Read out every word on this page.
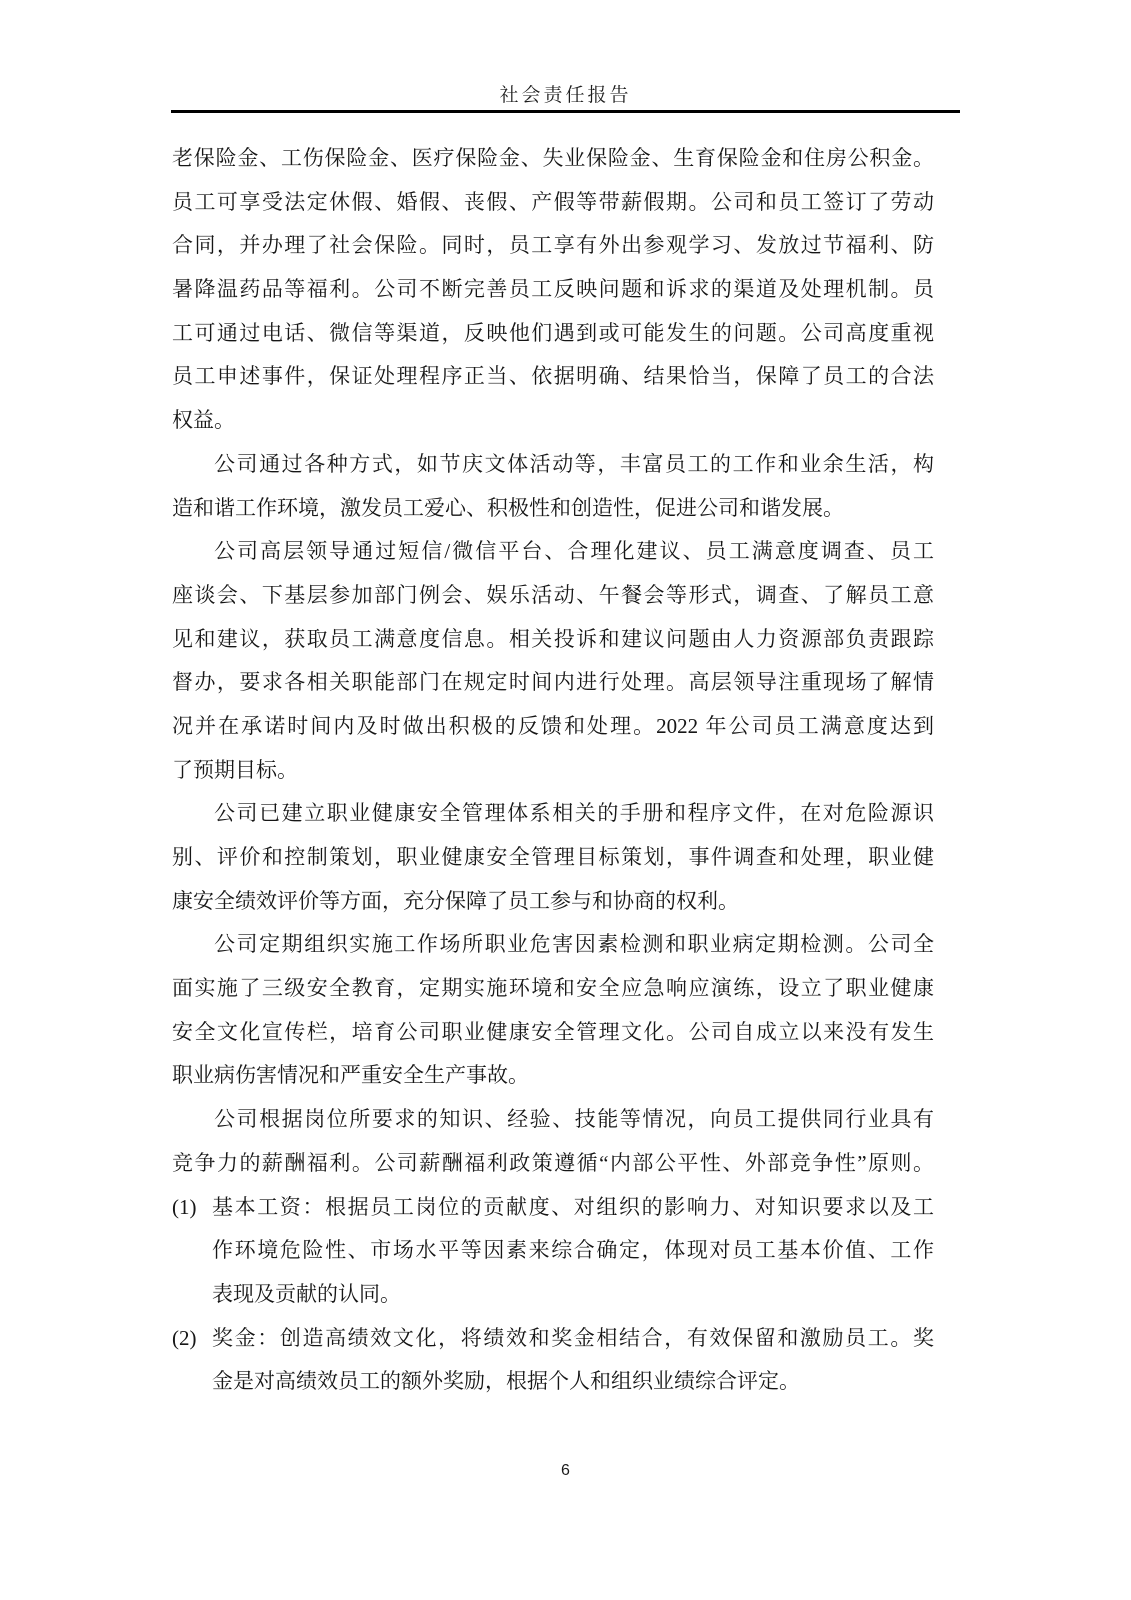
社会责任报告
老保险金、工伤保险金、医疗保险金、失业保险金、生育保险金和住房公积金。
员工可享受法定休假、婚假、丧假、产假等带薪假期。公司和员工签订了劳动
合同，并办理了社会保险。同时，员工享有外出参观学习、发放过节福利、防
暑降温药品等福利。公司不断完善员工反映问题和诉求的渠道及处理机制。员
工可通过电话、微信等渠道，反映他们遇到或可能发生的问题。公司高度重视
员工申述事件，保证处理程序正当、依据明确、结果恰当，保障了员工的合法
权益。
公司通过各种方式，如节庆文体活动等，丰富员工的工作和业余生活，构
造和谐工作环境，激发员工爱心、积极性和创造性，促进公司和谐发展。
公司高层领导通过短信/微信平台、合理化建议、员工满意度调查、员工
座谈会、下基层参加部门例会、娱乐活动、午餐会等形式，调查、了解员工意
见和建议，获取员工满意度信息。相关投诉和建议问题由人力资源部负责跟踪
督办，要求各相关职能部门在规定时间内进行处理。高层领导注重现场了解情
况并在承诺时间内及时做出积极的反馈和处理。2022 年公司员工满意度达到
了预期目标。
公司已建立职业健康安全管理体系相关的手册和程序文件，在对危险源识
别、评价和控制策划，职业健康安全管理目标策划，事件调查和处理，职业健
康安全绩效评价等方面，充分保障了员工参与和协商的权利。
公司定期组织实施工作场所职业危害因素检测和职业病定期检测。公司全
面实施了三级安全教育，定期实施环境和安全应急响应演练，设立了职业健康
安全文化宣传栏，培育公司职业健康安全管理文化。公司自成立以来没有发生
职业病伤害情况和严重安全生产事故。
公司根据岗位所要求的知识、经验、技能等情况，向员工提供同行业具有
竞争力的薪酬福利。公司薪酬福利政策遵循“内部公平性、外部竞争性”原则。
(1) 基本工资：根据员工岗位的贡献度、对组织的影响力、对知识要求以及工
作环境危险性、市场水平等因素来综合确定，体现对员工基本价值、工作
表现及贡献的认同。
(2) 奖金：创造高绩效文化，将绩效和奖金相结合，有效保留和激励员工。奖
金是对高绩效员工的额外奖励，根据个人和组织业绩综合评定。
6
